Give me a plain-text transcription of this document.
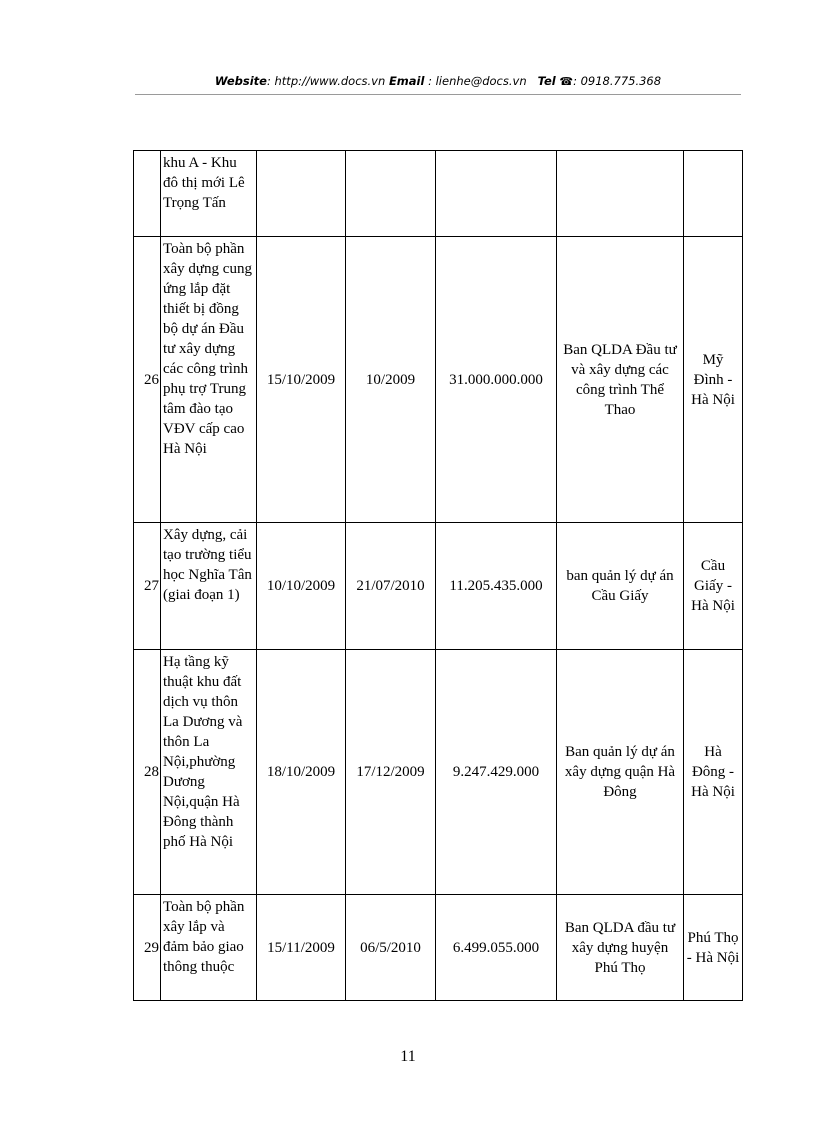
Website: http://www.docs.vn Email : lienhe@docs.vn Tel ☎: 0918.775.368
	khu A - Khu đô thị mới Lê Trọng Tấn					
26	Toàn bộ phần xây dựng cung ứng lắp đặt thiết bị đồng bộ dự án Đầu tư xây dựng các công trình phụ trợ Trung tâm đào tạo VĐV cấp cao Hà Nội	15/10/2009	10/2009	31.000.000.000	Ban QLDA Đầu tư và xây dựng các công trình Thể Thao	Mỹ Đình - Hà Nội
27	Xây dựng, cải tạo trường tiểu học Nghĩa Tân (giai đoạn 1)	10/10/2009	21/07/2010	11.205.435.000	ban quản lý dự án Cầu Giấy	Cầu Giấy - Hà Nội
28	Hạ tầng kỹ thuật khu đất dịch vụ thôn La Dương và thôn La Nội,phường Dương Nội,quận Hà Đông thành phố Hà Nội	18/10/2009	17/12/2009	9.247.429.000	Ban quản lý dự án xây dựng quận Hà Đông	Hà Đông - Hà Nội
29	Toàn bộ phần xây lắp và đảm bảo giao thông thuộc	15/11/2009	06/5/2010	6.499.055.000	Ban QLDA đầu tư xây dựng huyện Phú Thọ	Phú Thọ - Hà Nội
11
